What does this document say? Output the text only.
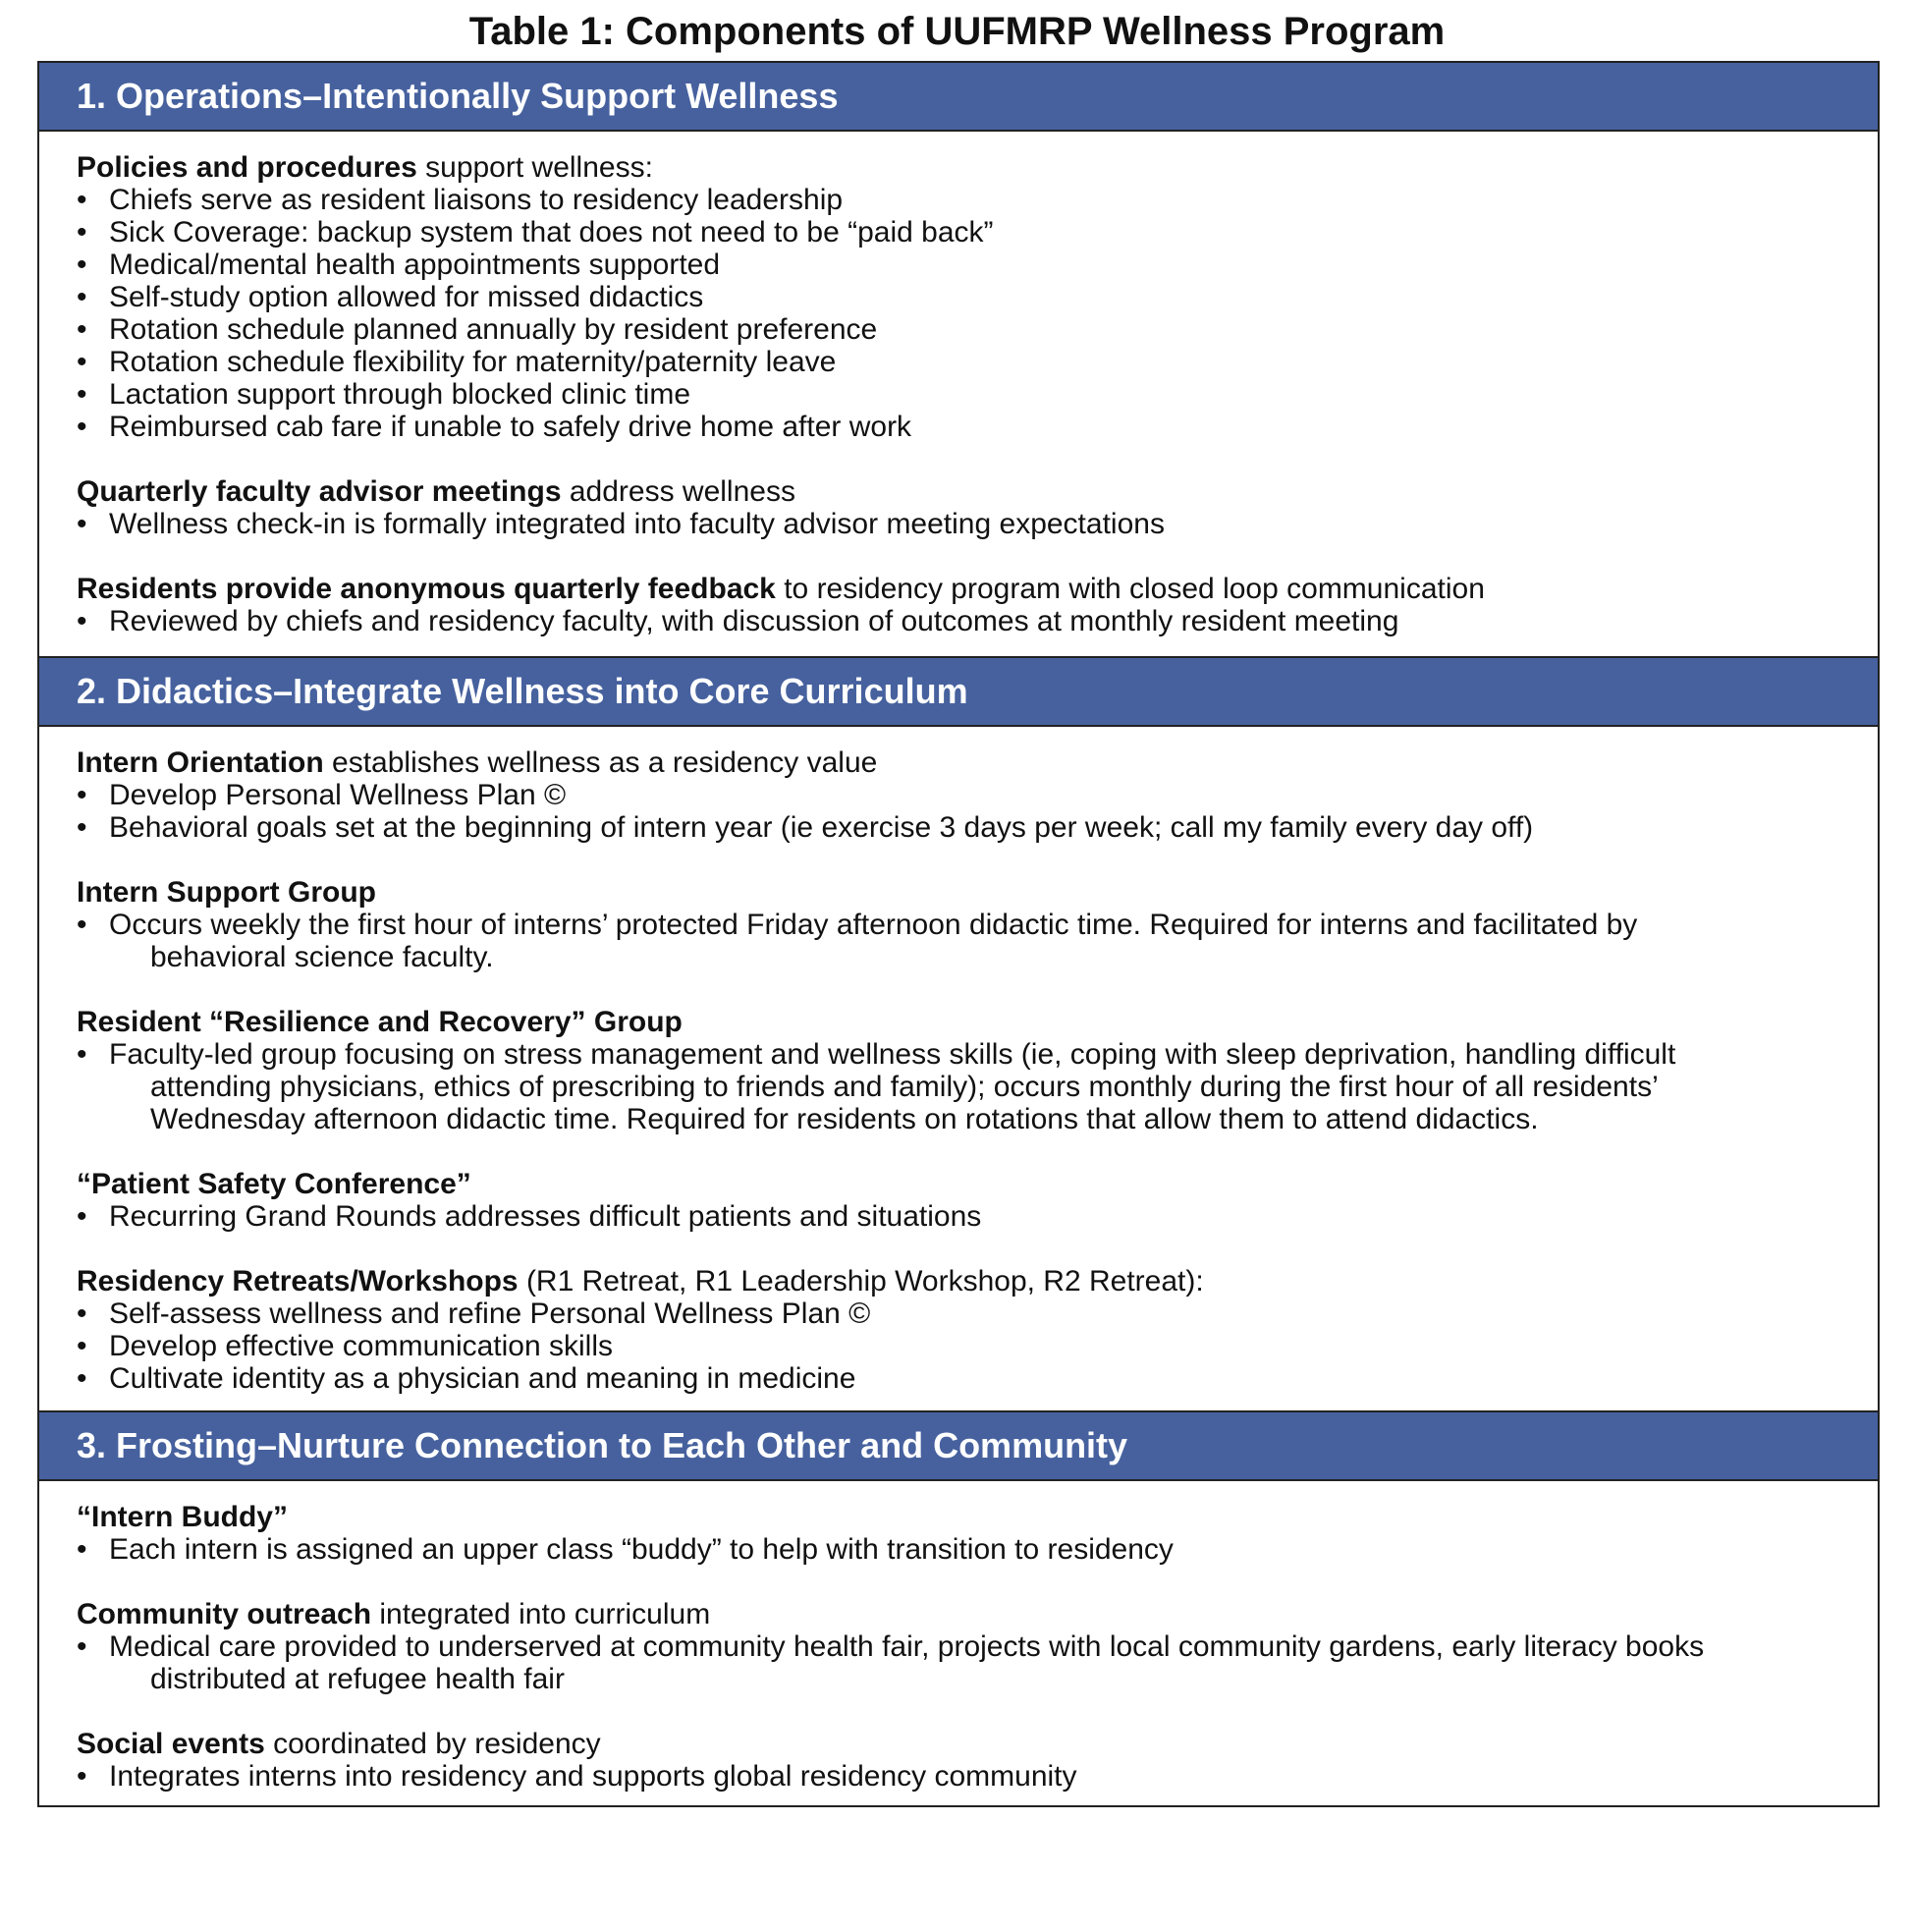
Table 1: Components of UUFMRP Wellness Program
1. Operations–Intentionally Support Wellness
Policies and procedures support wellness:
• Chiefs serve as resident liaisons to residency leadership
• Sick Coverage: backup system that does not need to be “paid back”
• Medical/mental health appointments supported
• Self-study option allowed for missed didactics
• Rotation schedule planned annually by resident preference
• Rotation schedule flexibility for maternity/paternity leave
• Lactation support through blocked clinic time
• Reimbursed cab fare if unable to safely drive home after work
Quarterly faculty advisor meetings address wellness
• Wellness check-in is formally integrated into faculty advisor meeting expectations
Residents provide anonymous quarterly feedback to residency program with closed loop communication
• Reviewed by chiefs and residency faculty, with discussion of outcomes at monthly resident meeting
2. Didactics–Integrate Wellness into Core Curriculum
Intern Orientation establishes wellness as a residency value
• Develop Personal Wellness Plan ©
• Behavioral goals set at the beginning of intern year (ie exercise 3 days per week; call my family every day off)
Intern Support Group
• Occurs weekly the first hour of interns’ protected Friday afternoon didactic time. Required for interns and facilitated by
behavioral science faculty.
Resident “Resilience and Recovery” Group
• Faculty-led group focusing on stress management and wellness skills (ie, coping with sleep deprivation, handling difficult
attending physicians, ethics of prescribing to friends and family); occurs monthly during the first hour of all residents’
Wednesday afternoon didactic time. Required for residents on rotations that allow them to attend didactics.
“Patient Safety Conference”
• Recurring Grand Rounds addresses difficult patients and situations
Residency Retreats/Workshops (R1 Retreat, R1 Leadership Workshop, R2 Retreat):
• Self-assess wellness and refine Personal Wellness Plan ©
• Develop effective communication skills
• Cultivate identity as a physician and meaning in medicine
3. Frosting–Nurture Connection to Each Other and Community
“Intern Buddy”
• Each intern is assigned an upper class “buddy” to help with transition to residency
Community outreach integrated into curriculum
• Medical care provided to underserved at community health fair, projects with local community gardens, early literacy books
distributed at refugee health fair
Social events coordinated by residency
• Integrates interns into residency and supports global residency community
